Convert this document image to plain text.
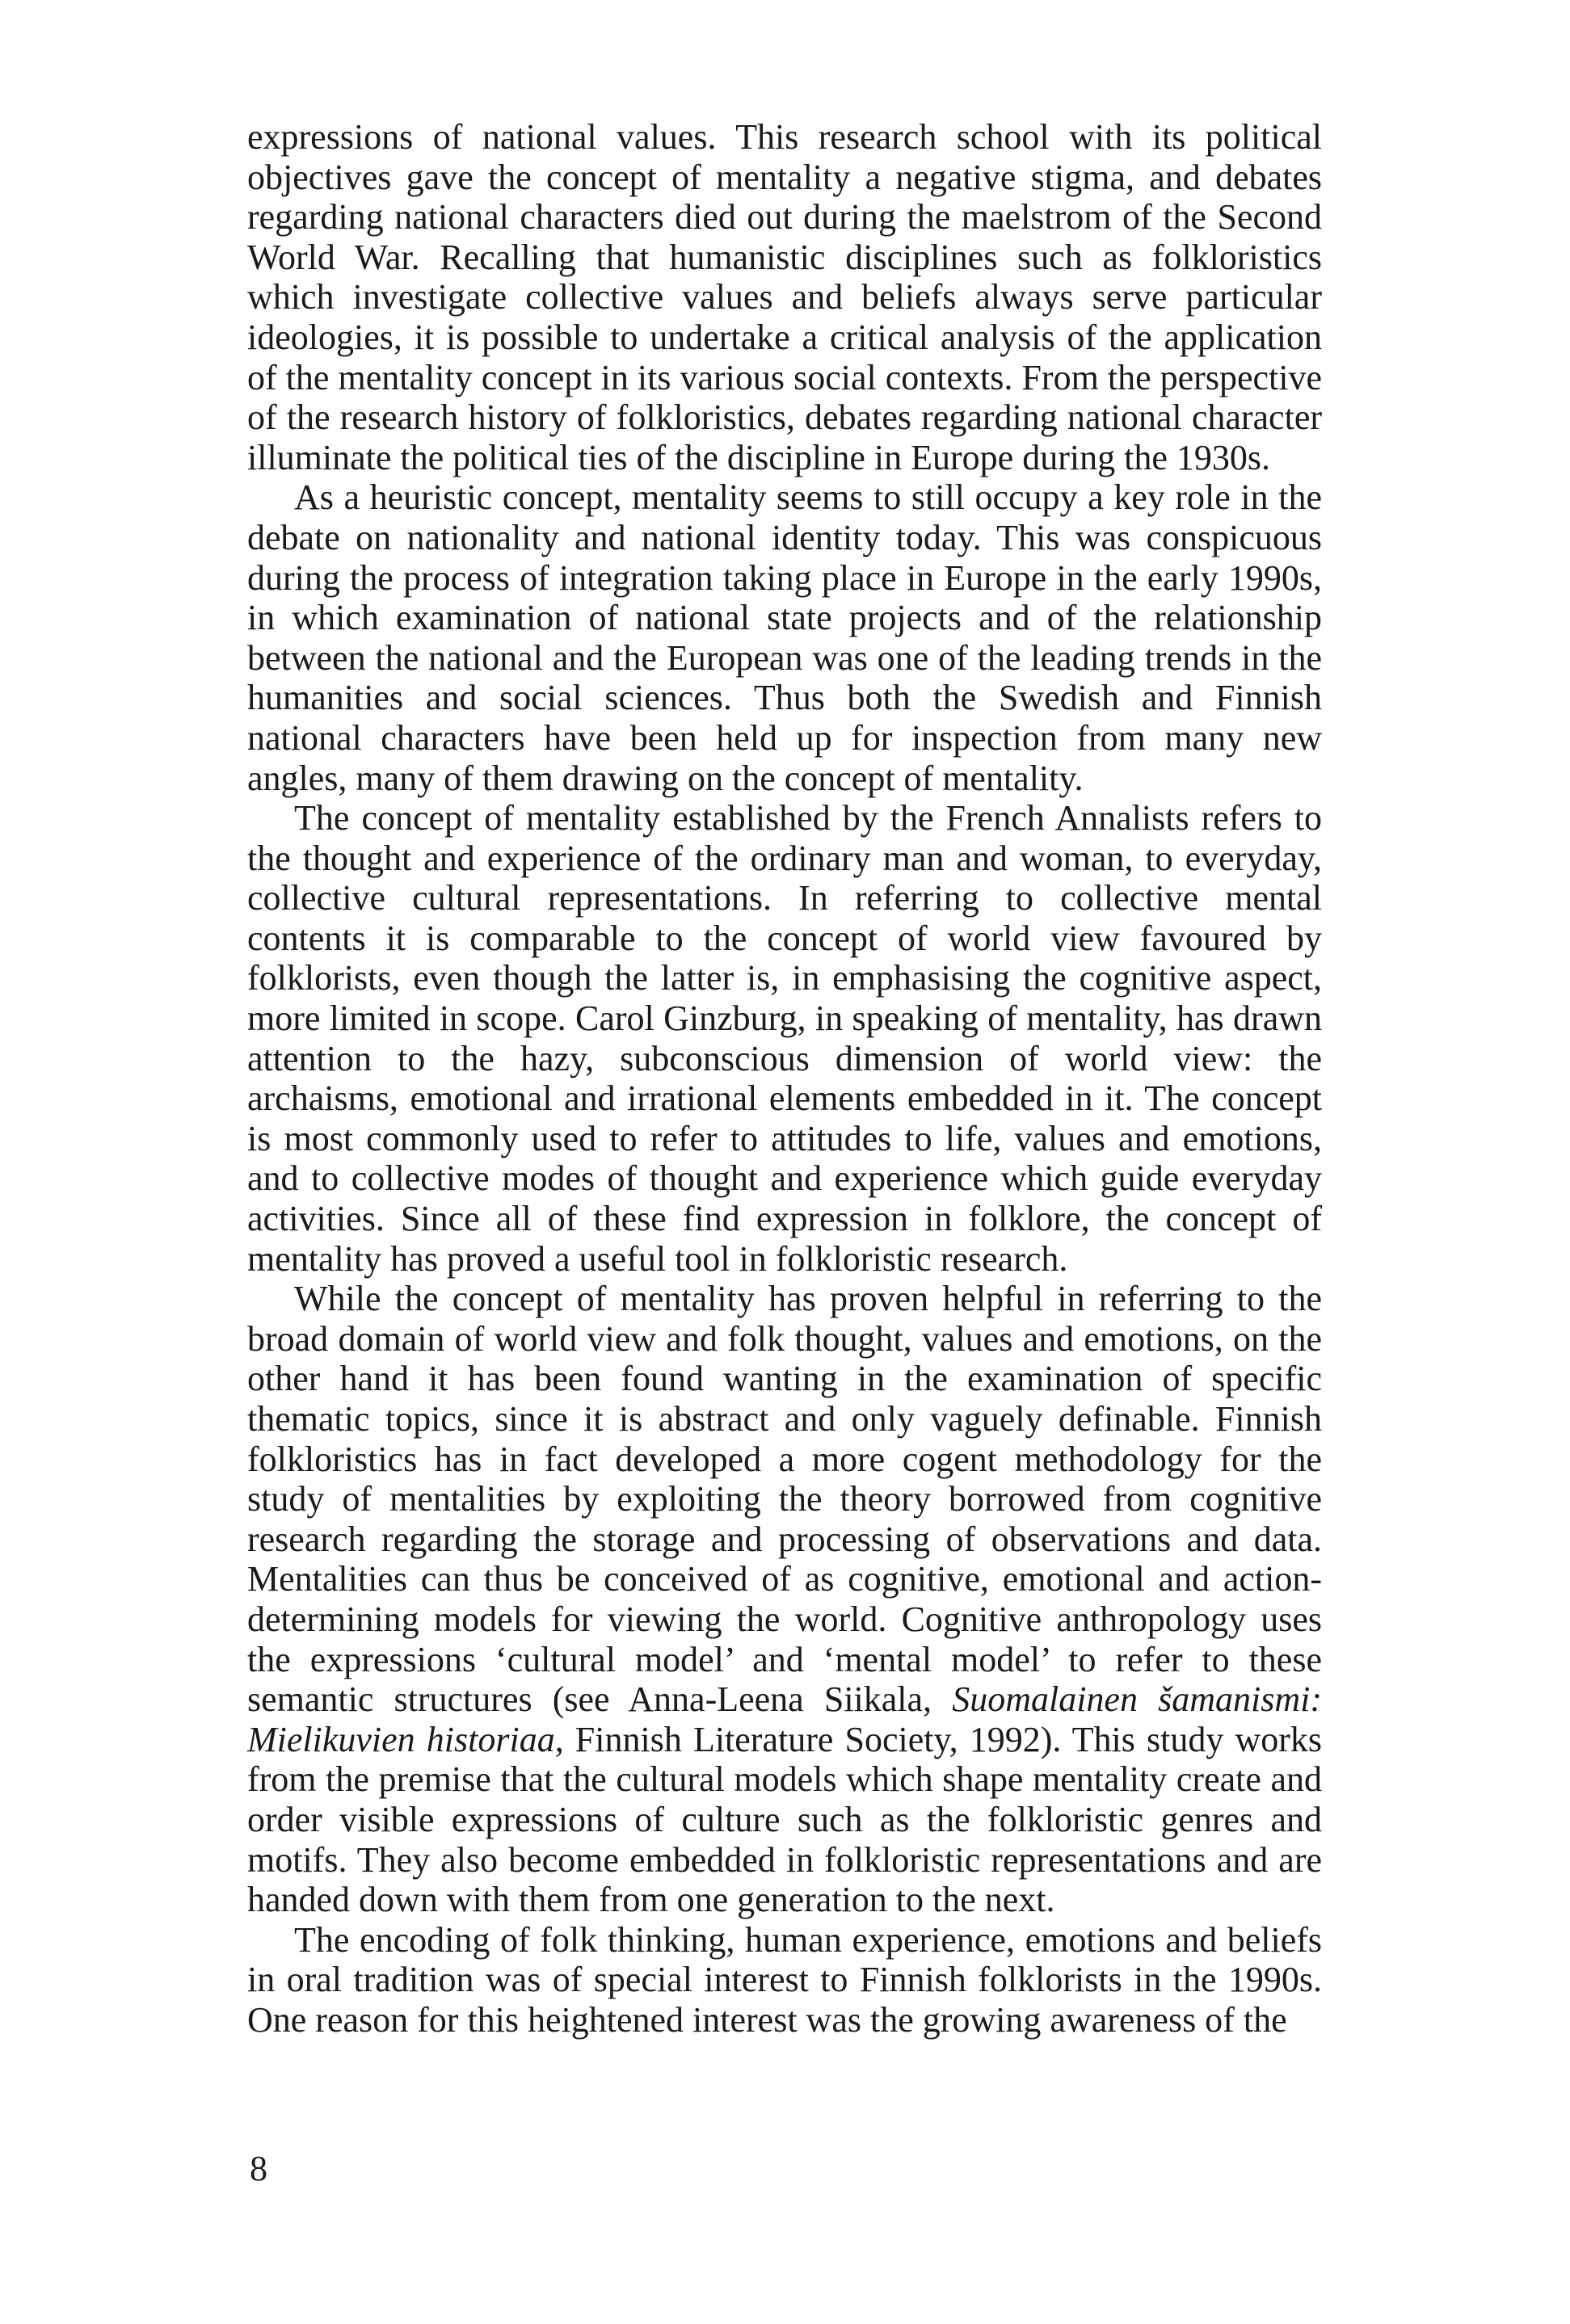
expressions of national values. This research school with its political objectives gave the concept of mentality a negative stigma, and debates regarding national characters died out during the maelstrom of the Second World War. Recalling that humanistic disciplines such as folkloristics which investigate collective values and beliefs always serve particular ideologies, it is possible to undertake a critical analysis of the application of the mentality concept in its various social contexts. From the perspective of the research history of folkloristics, debates regarding national character illuminate the political ties of the discipline in Europe during the 1930s.

As a heuristic concept, mentality seems to still occupy a key role in the debate on nationality and national identity today. This was conspicuous during the process of integration taking place in Europe in the early 1990s, in which examination of national state projects and of the relationship between the national and the European was one of the leading trends in the humanities and social sciences. Thus both the Swedish and Finnish national characters have been held up for inspection from many new angles, many of them drawing on the concept of mentality.

The concept of mentality established by the French Annalists refers to the thought and experience of the ordinary man and woman, to everyday, collective cultural representations. In referring to collective mental contents it is comparable to the concept of world view favoured by folklorists, even though the latter is, in emphasising the cognitive aspect, more limited in scope. Carol Ginzburg, in speaking of mentality, has drawn attention to the hazy, subconscious dimension of world view: the archaisms, emotional and irrational elements embedded in it. The concept is most commonly used to refer to attitudes to life, values and emotions, and to collective modes of thought and experience which guide everyday activities. Since all of these find expression in folklore, the concept of mentality has proved a useful tool in folkloristic research.

While the concept of mentality has proven helpful in referring to the broad domain of world view and folk thought, values and emotions, on the other hand it has been found wanting in the examination of specific thematic topics, since it is abstract and only vaguely definable. Finnish folkloristics has in fact developed a more cogent methodology for the study of mentalities by exploiting the theory borrowed from cognitive research regarding the storage and processing of observations and data. Mentalities can thus be conceived of as cognitive, emotional and action-determining models for viewing the world. Cognitive anthropology uses the expressions ‘cultural model’ and ‘mental model’ to refer to these semantic structures (see Anna-Leena Siikala, Suomalainen šamanismi: Mielikuvien historiaa, Finnish Literature Society, 1992). This study works from the premise that the cultural models which shape mentality create and order visible expressions of culture such as the folkloristic genres and motifs. They also become embedded in folkloristic representations and are handed down with them from one generation to the next.

The encoding of folk thinking, human experience, emotions and beliefs in oral tradition was of special interest to Finnish folklorists in the 1990s. One reason for this heightened interest was the growing awareness of the

8
